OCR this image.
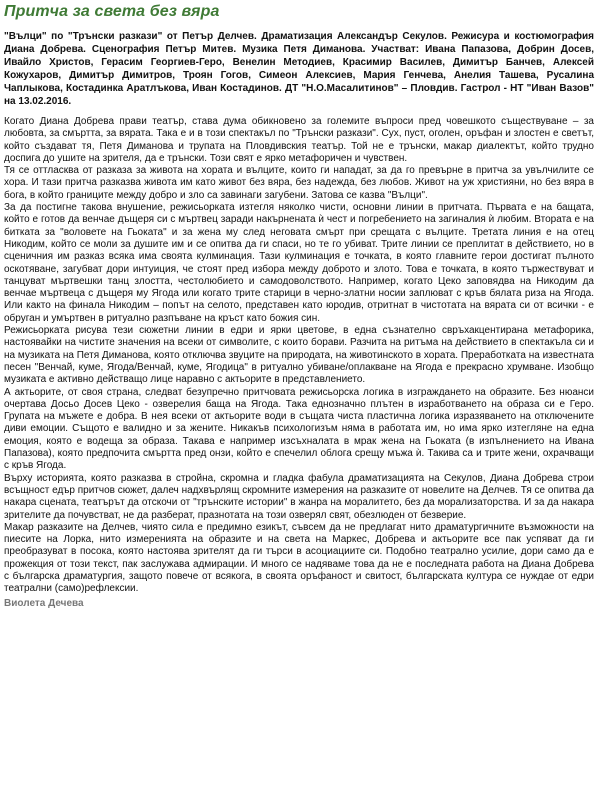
Притча за света без вяра

"Вълци" по "Трънски разкази" от Петър Делчев. Драматизация Александър Секулов. Режисура и костюмография Диана Добрева. Сценография Петър Митев. Музика Петя Диманова. Участват: Ивана Папазова, Добрин Досев, Ивайло Христов, Герасим Георгиев-Геро, Венелин Методиев, Красимир Василев, Димитър Банчев, Алексей Кожухаров, Димитър Димитров, Троян Гогов, Симеон Алексиев, Мария Генчева, Анелия Ташева, Русалина Чаплыкова, Костадинка Аратлъкова, Иван Костадинов. ДТ "Н.О.Масалитинов" – Пловдив. Гастрол - НТ "Иван Вазов" на 13.02.2016.

Когато Диана Добрева прави театър, става дума обикновено за големите въпроси пред човешкото съществуване – за любовта, за смъртта, за вярата. Така е и в този спектакъл по "Трънски разкази". Сух, пуст, оголен, оръфан и злостен е светът, който създават тя, Петя Диманова и трупата на Пловдивския театър. Той не е трънски, макар диалектът, който трудно доспига до ушите на зрителя, да е трънски. Този свят е ярко метафоричен и чувствен.

Тя се оттласква от разказа за живота на хората и вълците, които ги нападат, за да го превърне в притча за увълчилите се хора. И тази притча разказва живота им като живот без вяра, без надежда, без любов. Живот на уж християни, но без вяра в бога, в който границите между добро и зло са завинаги загубени. Затова се казва "Вълци".

За да постигне такова внушение, режисьорката изтегля няколко чисти, основни линии в притчата. Първата е на бащата, който е готов да венчае дъщеря си с мъртвец заради накърнената ѝ чест и погребението на загиналия ѝ любим. Втората е на битката за "воловете на Гьоката" и за жена му след неговата смърт при срещата с вълците. Третата линия е на отец Никодим, който се моли за душите им и се опитва да ги спаси, но те го убиват. Трите линии се преплитат в действието, но в сценичния им разказ всяка има своята кулминация. Тази кулминация е точката, в която главните герои достигат пълното оскотяване, загубват дори интуиция, че стоят пред избора между доброто и злото. Това е точката, в която тържествуват и танцуват мъртвешки танц злостта, честолюбието и самодоволството. Например, когато Цеко заповядва на Никодим да венчае мъртвеца с дъщеря му Ягода или когато трите старици в черно-златни носии заплюват с кръв бялата риза на Ягода. Или както на финала Никодим – попът на селото, представен като юродив, отритнат в чистотата на вярата си от всички - е обруган и умъртвен в ритуално разпъване на кръст като божия син.

Режисьорката рисува тези сюжетни линии в едри и ярки цветове, в една съзнателно свръхакцентирана метафорика, настоявайки на чистите значения на всеки от символите, с които борави. Разчита на ритъма на действието в спектакъла си и на музиката на Петя Диманова, която отключва звуците на природата, на животинското в хората. Преработката на известната песен "Венчай, куме, Ягода/Венчай, куме, Ягодица" в ритуално убиване/оплакване на Ягода е прекрасно хрумване. Изобщо музиката е активно действащо лице наравно с актьорите в представлението.

А актьорите, от своя страна, следват безупречно притчовата режисьорска логика в изграждането на образите. Без нюанси очертава Досьо Досев Цеко - озверелия баща на Ягода. Така еднозначно плътен в изработването на образа си е Геро. Групата на мъжете е добра. В нея всеки от актьорите води в същата чиста пластична логика изразяването на отключените диви емоции. Същото е валидно и за жените. Никакъв психологизъм няма в работата им, но има ярко изтегляне на една емоция, която е водеща за образа. Такава е например изсъхналата в мрак жена на Гьоката (в изпълнението на Ивана Папазова), която предпочита смъртта пред онзи, който е спечелил облога срещу мъжа ѝ. Такива са и трите жени, охрачващи с кръв Ягода.

Върху историята, която разказва в стройна, скромна и гладка фабула драматизацията на Секулов, Диана Добрева строи всъщност едър притчов сюжет, далеч надхвърлящ скромните измерения на разказите от новелите на Делчев. Тя се опитва да накара сцената, театърът да отскочи от "трънските истории" в жанра на моралитето, без да морализаторства. И за да накара зрителите да почувстват, не да разберат, празнотата на този озверял свят, обезлюден от безверие.

Макар разказите на Делчев, чиято сила е предимно езикът, съвсем да не предлагат нито драматургичните възможности на пиесите на Лорка, нито измеренията на образите и на света на Маркес, Добрева и актьорите все пак успяват да ги преобразуват в посока, която настоява зрителят да ги търси в асоциациите си. Подобно театрално усилие, дори само да е прожекция от този текст, пак заслужава адмирации. И много се надяваме това да не е последната работа на Диана Добрева с българска драматургия, защото повече от всякога, в своята оръфаност и свитост, българската култура се нуждае от едри театрални (само)рефлексии.

Виолета Дечева
